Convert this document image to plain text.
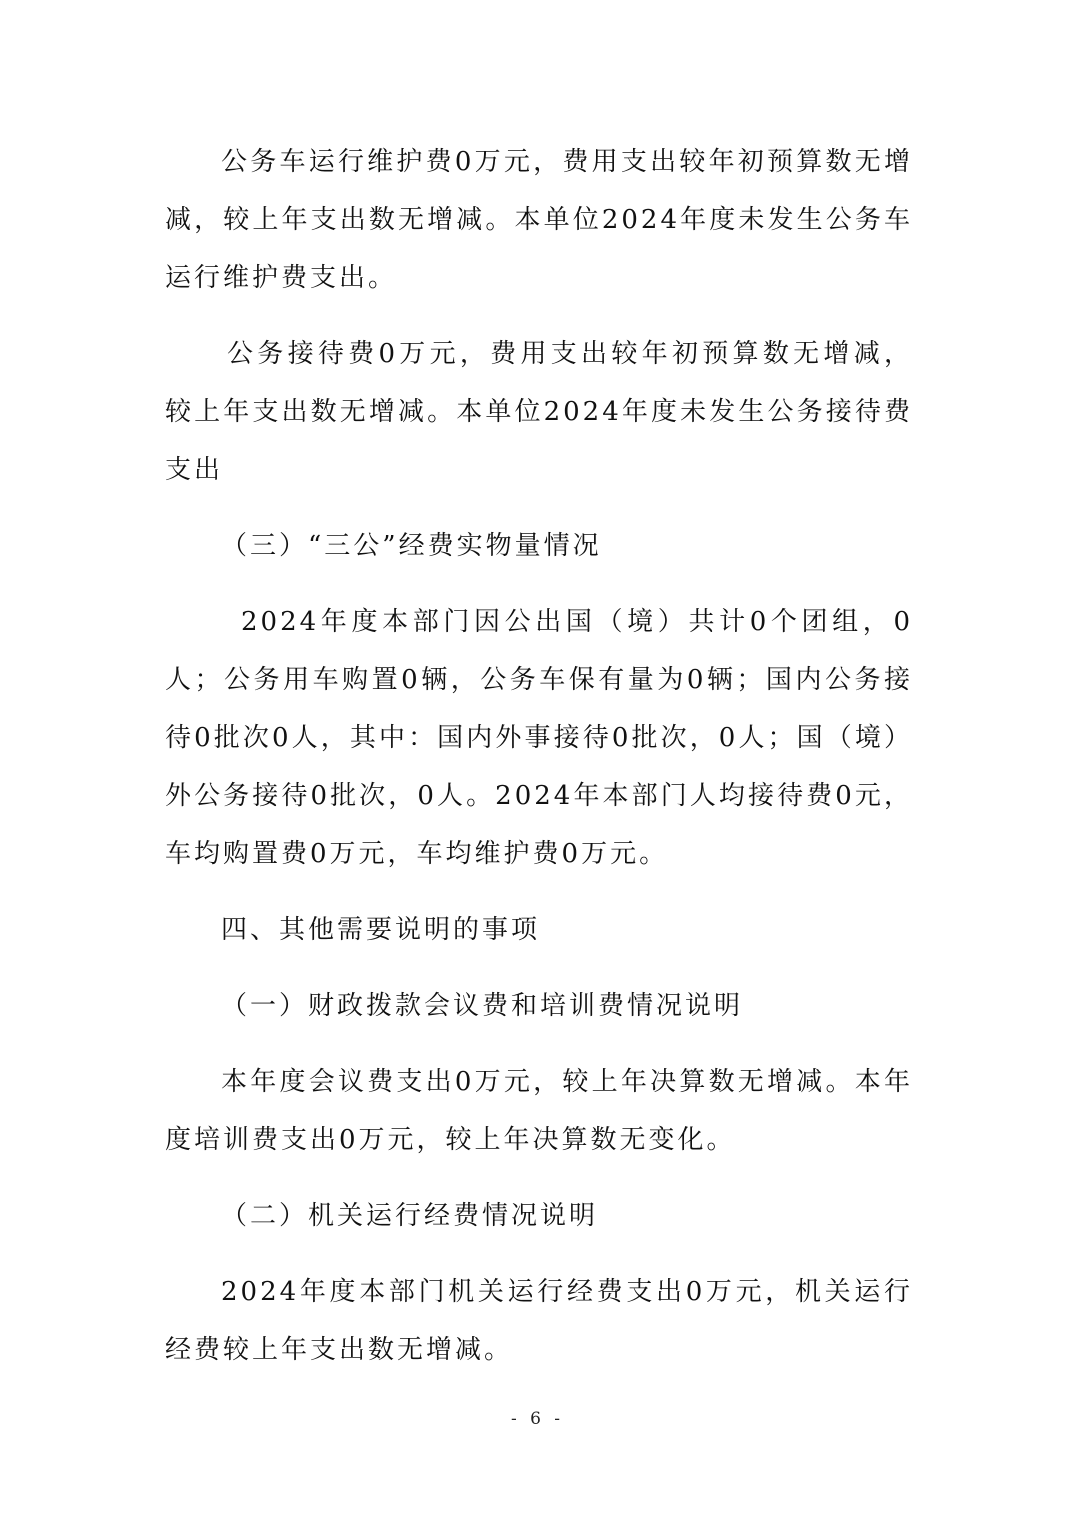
公务车运行维护费0万元，费用支出较年初预算数无增减，较上年支出数无增减。本单位2024年度未发生公务车运行维护费支出。

公务接待费0万元，费用支出较年初预算数无增减，较上年支出数无增减。本单位2024年度未发生公务接待费支出

（三）“三公”经费实物量情况

2024年度本部门因公出国（境）共计0个团组，0人；公务用车购置0辆，公务车保有量为0辆；国内公务接待0批次0人，其中：国内外事接待0批次，0人；国（境）外公务接待0批次，0人。2024年本部门人均接待费0元，车均购置费0万元，车均维护费0万元。

四、其他需要说明的事项

（一）财政拨款会议费和培训费情况说明

本年度会议费支出0万元，较上年决算数无增减。本年度培训费支出0万元，较上年决算数无变化。

（二）机关运行经费情况说明

2024年度本部门机关运行经费支出0万元，机关运行经费较上年支出数无增减。

- 6 -
